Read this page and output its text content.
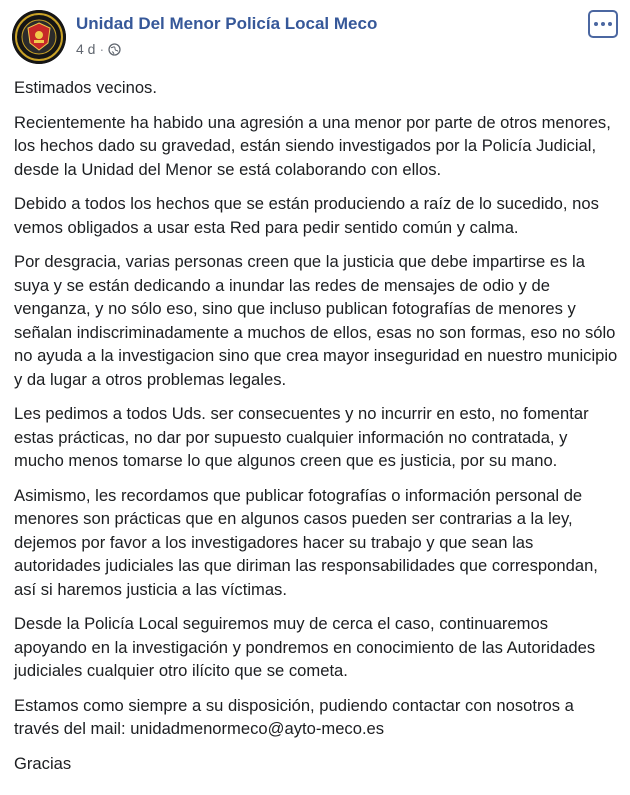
Unidad Del Menor Policía Local Meco
4 d ·

Estimados vecinos.

Recientemente ha habido una agresión a una menor por parte de otros menores, los hechos dado su gravedad, están siendo investigados por la Policía Judicial, desde la Unidad del Menor se está colaborando con ellos.

Debido a todos los hechos que se están produciendo a raíz de lo sucedido, nos vemos obligados a usar esta Red para pedir sentido común y calma.

Por desgracia, varias personas creen que la justicia que debe impartirse es la suya y se están dedicando a inundar las redes de mensajes de odio y de venganza, y no sólo eso, sino que incluso publican fotografías de menores y señalan indiscriminadamente a muchos de ellos, esas no son formas, eso no sólo no ayuda a la investigacion sino que crea mayor inseguridad en nuestro municipio y da lugar a otros problemas legales.

Les pedimos a todos Uds. ser consecuentes y no incurrir en esto, no fomentar estas prácticas, no dar por supuesto cualquier información no contratada, y mucho menos tomarse lo que algunos creen que es justicia, por su mano.

Asimismo, les recordamos que publicar fotografías o información personal de menores son prácticas que en algunos casos pueden ser contrarias a la ley, dejemos por favor a los investigadores hacer su trabajo y que sean las autoridades judiciales las que diriman las responsabilidades que correspondan, así si haremos justicia a las víctimas.

Desde la Policía Local seguiremos muy de cerca el caso, continuaremos apoyando en la investigación y pondremos en conocimiento de las Autoridades judiciales cualquier otro ilícito que se cometa.

Estamos como siempre a su disposición, pudiendo contactar con nosotros a través del mail: unidadmenormeco@ayto-meco.es

Gracias
